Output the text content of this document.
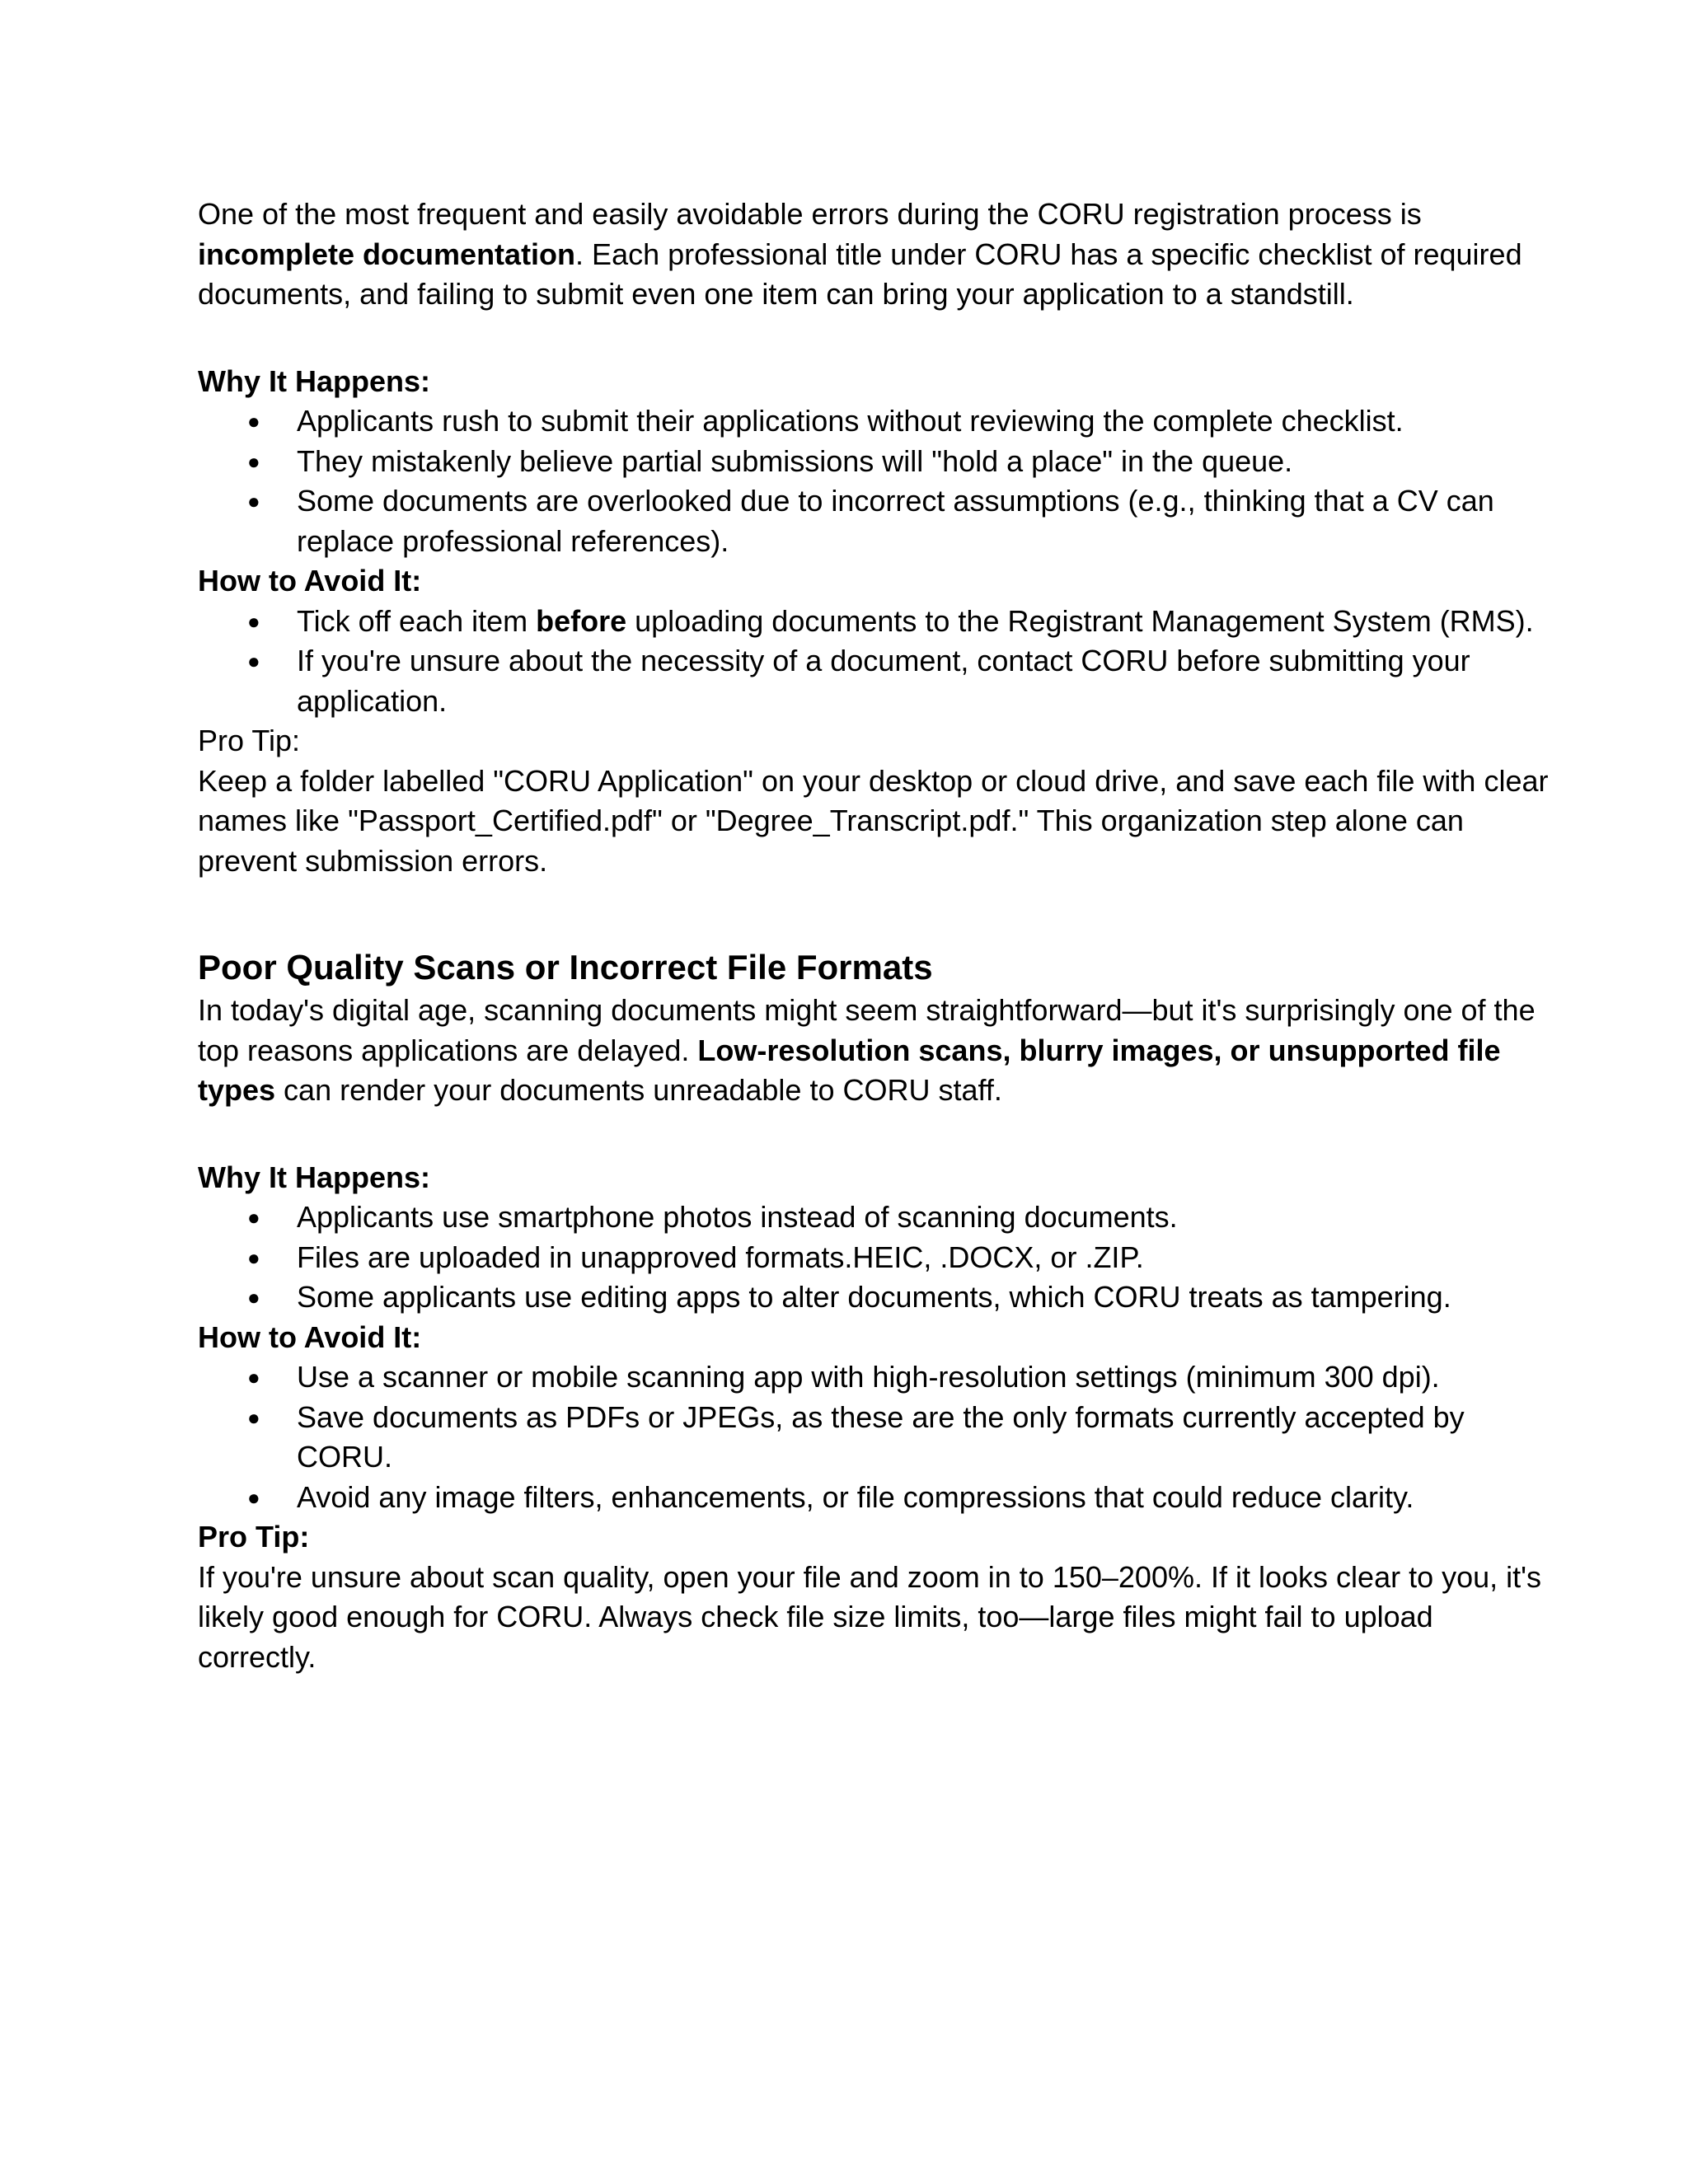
One of the most frequent and easily avoidable errors during the CORU registration process is incomplete documentation. Each professional title under CORU has a specific checklist of required documents, and failing to submit even one item can bring your application to a standstill.

Why It Happens:

● Applicants rush to submit their applications without reviewing the complete checklist.
● They mistakenly believe partial submissions will "hold a place" in the queue.
● Some documents are overlooked due to incorrect assumptions (e.g., thinking that a CV can replace professional references).

How to Avoid It:

● Tick off each item before uploading documents to the Registrant Management System (RMS).
● If you're unsure about the necessity of a document, contact CORU before submitting your application.

Pro Tip:

Keep a folder labelled "CORU Application" on your desktop or cloud drive, and save each file with clear names like "Passport_Certified.pdf" or "Degree_Transcript.pdf." This organization step alone can prevent submission errors.

Poor Quality Scans or Incorrect File Formats

In today's digital age, scanning documents might seem straightforward—but it's surprisingly one of the top reasons applications are delayed. Low-resolution scans, blurry images, or unsupported file types can render your documents unreadable to CORU staff.

Why It Happens:

● Applicants use smartphone photos instead of scanning documents.
● Files are uploaded in unapproved formats.HEIC, .DOCX, or .ZIP.
● Some applicants use editing apps to alter documents, which CORU treats as tampering.

How to Avoid It:

● Use a scanner or mobile scanning app with high-resolution settings (minimum 300 dpi).
● Save documents as PDFs or JPEGs, as these are the only formats currently accepted by CORU.
● Avoid any image filters, enhancements, or file compressions that could reduce clarity.

Pro Tip:

If you're unsure about scan quality, open your file and zoom in to 150–200%. If it looks clear to you, it's likely good enough for CORU. Always check file size limits, too—large files might fail to upload correctly.
